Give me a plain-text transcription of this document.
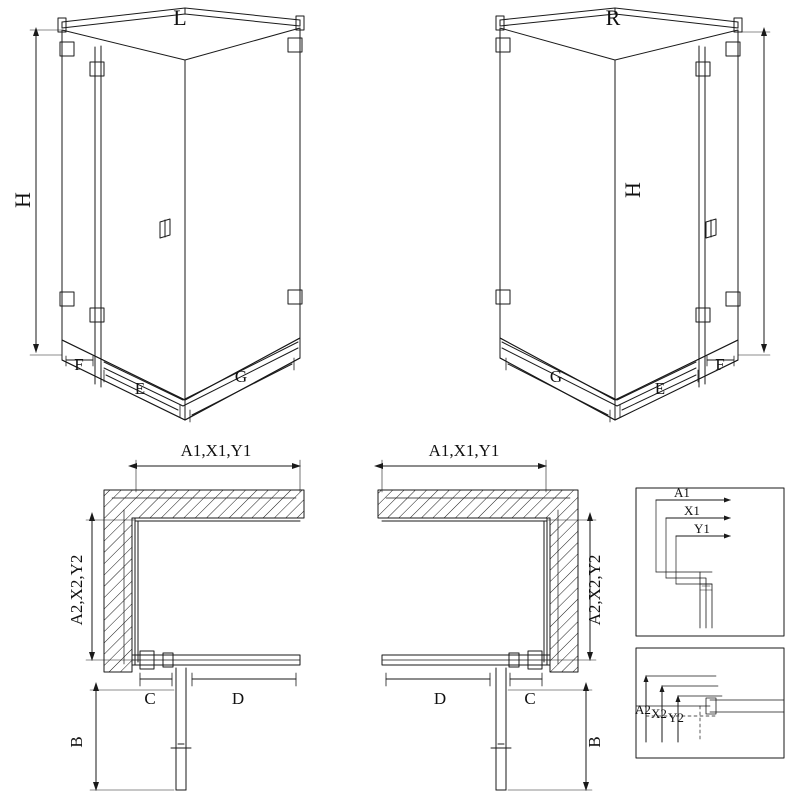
L	R
H
H
F
E
G
F
E
G
A1,X1,Y1	A1,X1,Y1
A2,X2,Y2	A2,X2,Y2
C	D
B
D	C
B
A1
X1
Y1
A2 X2 Y2
